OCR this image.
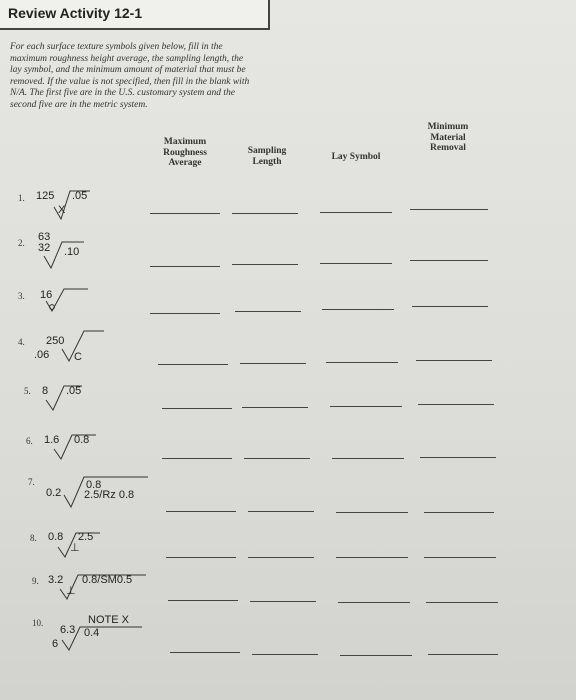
Review Activity 12-1
For each surface texture symbols given below, fill in the maximum roughness height average, the sampling length, the lay symbol, and the minimum amount of material that must be removed. If the value is not specified, then fill in the blank with N/A. The first five are in the U.S. customary system and the second five are in the metric system.
Maximum
Roughness
Average
Sampling
Length	Lay Symbol
Minimum
Material
Removal
1. 125 .05
X
2. 63
32 .10
3. 16
4. 250
.06 C
5. 8 .05
6. 1.6 0.8
7.
0.2
0.8
2.5/Rz 0.8
8. 0.8 2.5
⊥
9. 3.2 0.8/SM0.5
⊥
10.	NOTE X
6.3
6
0.4
